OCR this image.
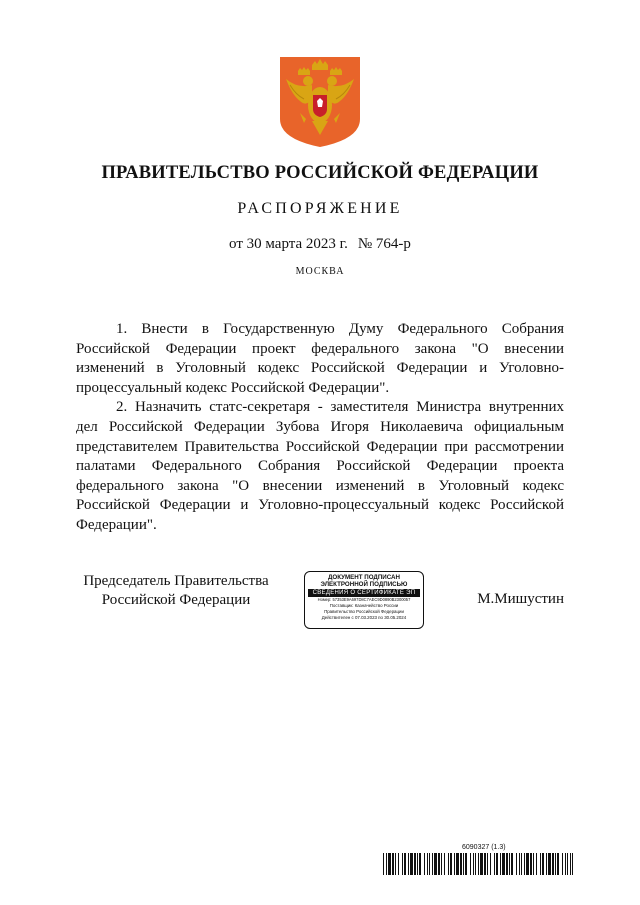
ПРАВИТЕЛЬСТВО РОССИЙСКОЙ ФЕДЕРАЦИИ
РАСПОРЯЖЕНИЕ
от 30 марта 2023 г. № 764-р
МОСКВА

1. Внести в Государственную Думу Федерального Собрания Российской Федерации проект федерального закона "О внесении изменений в Уголовный кодекс Российской Федерации и Уголовно-процессуальный кодекс Российской Федерации".

2. Назначить статс-секретаря - заместителя Министра внутренних дел Российской Федерации Зубова Игоря Николаевича официальным представителем Правительства Российской Федерации при рассмотрении палатами Федерального Собрания Российской Федерации проекта федерального закона "О внесении изменений в Уголовный кодекс Российской Федерации и Уголовно-процессуальный кодекс Российской Федерации".

Председатель Правительства
Российской Федерации
ДОКУМЕНТ ПОДПИСАН
ЭЛЕКТРОННОЙ ПОДПИСЬЮ
СВЕДЕНИЯ О СЕРТИФИКАТЕ ЭП
Номер: 57353E9A697D8C7AEC9D0890B2300057
Поставщик: Казначейство России
Правительство Российской Федерации
Действителен с 07.03.2023 по 30.05.2024
М.Мишустин
6090327 (1.3)
